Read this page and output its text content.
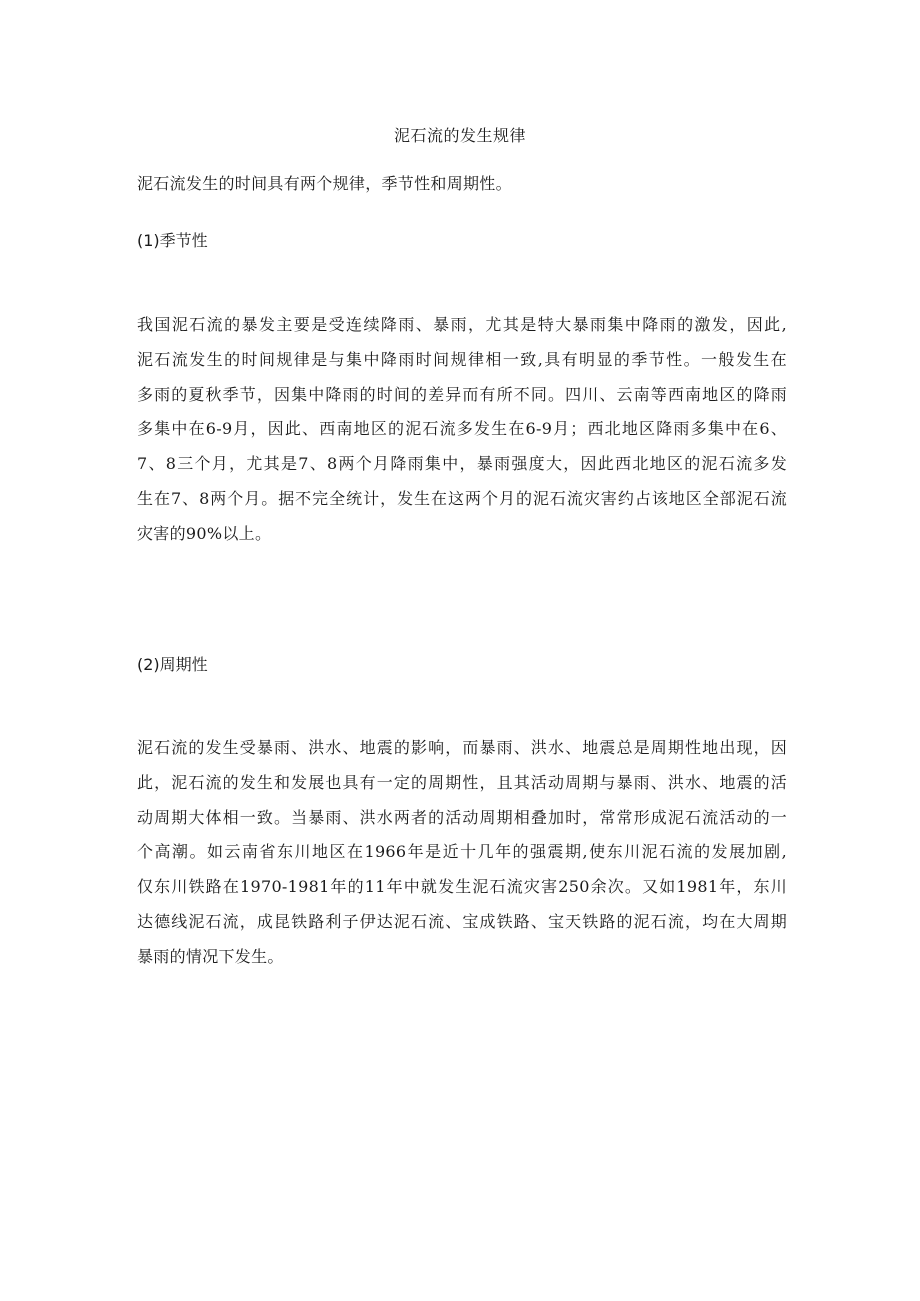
泥石流的发生规律
泥石流发生的时间具有两个规律，季节性和周期性。
(1)季节性
我国泥石流的暴发主要是受连续降雨、暴雨，尤其是特大暴雨集中降雨的激发，因此,
泥石流发生的时间规律是与集中降雨时间规律相一致,具有明显的季节性。一般发生在
多雨的夏秋季节，因集中降雨的时间的差异而有所不同。四川、云南等西南地区的降雨
多集中在6-9月，因此、西南地区的泥石流多发生在6-9月；西北地区降雨多集中在6、
7、8三个月，尤其是7、8两个月降雨集中，暴雨强度大，因此西北地区的泥石流多发
生在7、8两个月。据不完全统计，发生在这两个月的泥石流灾害约占该地区全部泥石流
灾害的90%以上。
(2)周期性
泥石流的发生受暴雨、洪水、地震的影响，而暴雨、洪水、地震总是周期性地出现，因
此，泥石流的发生和发展也具有一定的周期性，且其活动周期与暴雨、洪水、地震的活
动周期大体相一致。当暴雨、洪水两者的活动周期相叠加时，常常形成泥石流活动的一
个高潮。如云南省东川地区在1966年是近十几年的强震期,使东川泥石流的发展加剧,
仅东川铁路在1970-1981年的11年中就发生泥石流灾害250余次。又如1981年，东川
达德线泥石流，成昆铁路利子伊达泥石流、宝成铁路、宝天铁路的泥石流，均在大周期
暴雨的情况下发生。
